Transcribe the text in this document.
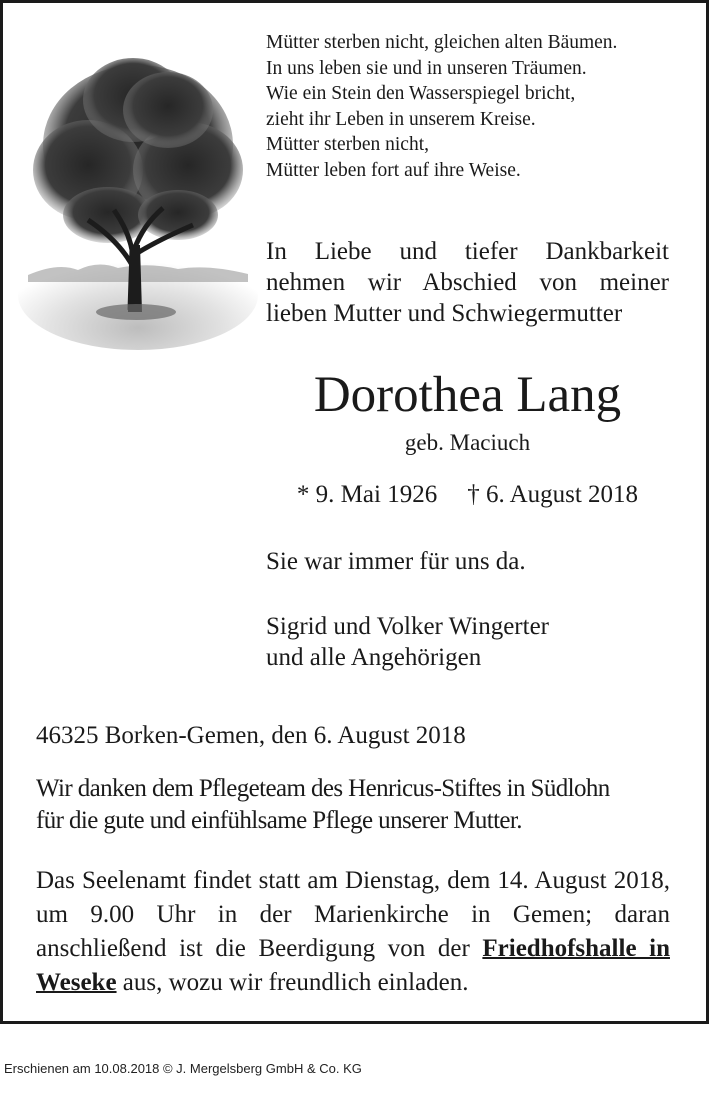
Mütter sterben nicht, gleichen alten Bäumen.
In uns leben sie und in unseren Träumen.
Wie ein Stein den Wasserspiegel bricht,
zieht ihr Leben in unserem Kreise.
Mütter sterben nicht,
Mütter leben fort auf ihre Weise.
In Liebe und tiefer Dankbarkeit
nehmen wir Abschied von meiner
lieben Mutter und Schwiegermutter
Dorothea Lang
geb. Maciuch
* 9. Mai 1926 † 6. August 2018
Sie war immer für uns da.
Sigrid und Volker Wingerter
und alle Angehörigen
46325 Borken-Gemen, den 6. August 2018
Wir danken dem Pflegeteam des Henricus-Stiftes in Südlohn
für die gute und einfühlsame Pflege unserer Mutter.
Das Seelenamt findet statt am Dienstag, dem 14. August 2018, um 9.00 Uhr in der Marienkirche in Gemen; daran anschließend ist die Beerdigung von der Friedhofshalle in Weseke aus, wozu wir freundlich einladen.
Erschienen am 10.08.2018 © J. Mergelsberg GmbH & Co. KG
